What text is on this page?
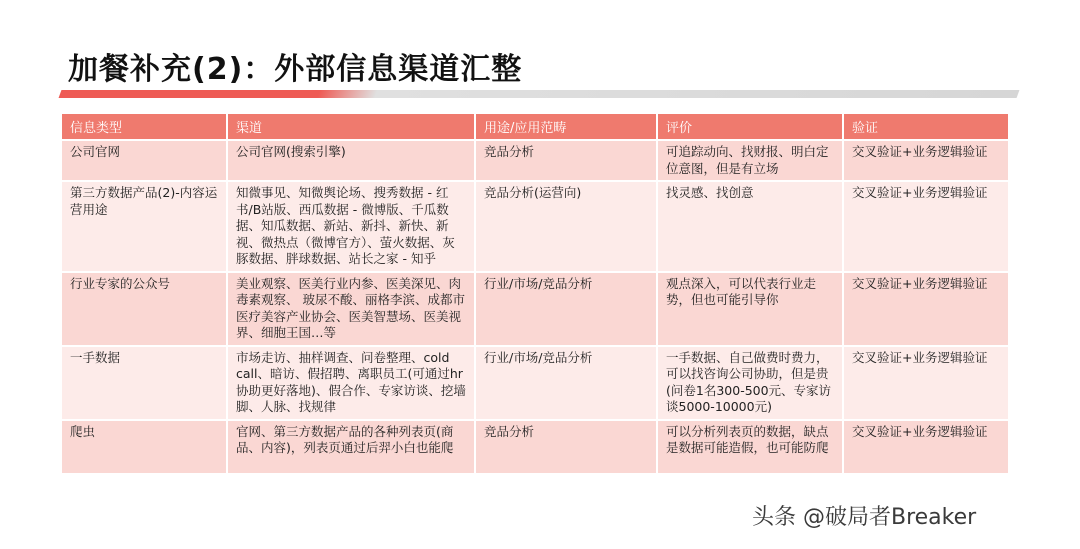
加餐补充(2)：外部信息渠道汇整
信息类型	渠道	用途/应用范畴	评价	验证
公司官网	公司官网(搜索引擎)	竞品分析	可追踪动向、找财报、明白定位意图，但是有立场	交叉验证+业务逻辑验证
第三方数据产品(2)-内容运营用途	知微事见、知微舆论场、搜秀数据 - 红书/B站版、西瓜数据 - 微博版、千瓜数据、知瓜数据、新站、新抖、新快、新视、微热点（微博官方）、萤火数据、灰豚数据、胖球数据、站长之家 - 知乎	竞品分析(运营向)	找灵感、找创意	交叉验证+业务逻辑验证
行业专家的公众号	美业观察、医美行业内参、医美深见、肉毒素观察、 玻尿不酸、丽格李滨、成都市医疗美容产业协会、医美智慧场、医美视界、细胞王国…等	行业/市场/竞品分析	观点深入，可以代表行业走势，但也可能引导你	交叉验证+业务逻辑验证
一手数据	市场走访、抽样调查、问卷整理、cold call、暗访、假招聘、离职员工(可通过hr协助更好落地)、假合作、专家访谈、挖墙脚、人脉、找规律	行业/市场/竞品分析	一手数据、自己做费时费力，可以找咨询公司协助，但是贵(问卷1名300-500元、专家访谈5000-10000元)	交叉验证+业务逻辑验证
爬虫	官网、第三方数据产品的各种列表页(商品、内容)，列表页通过后羿小白也能爬	竞品分析	可以分析列表页的数据，缺点是数据可能造假，也可能防爬	交叉验证+业务逻辑验证
头条 @破局者Breaker
